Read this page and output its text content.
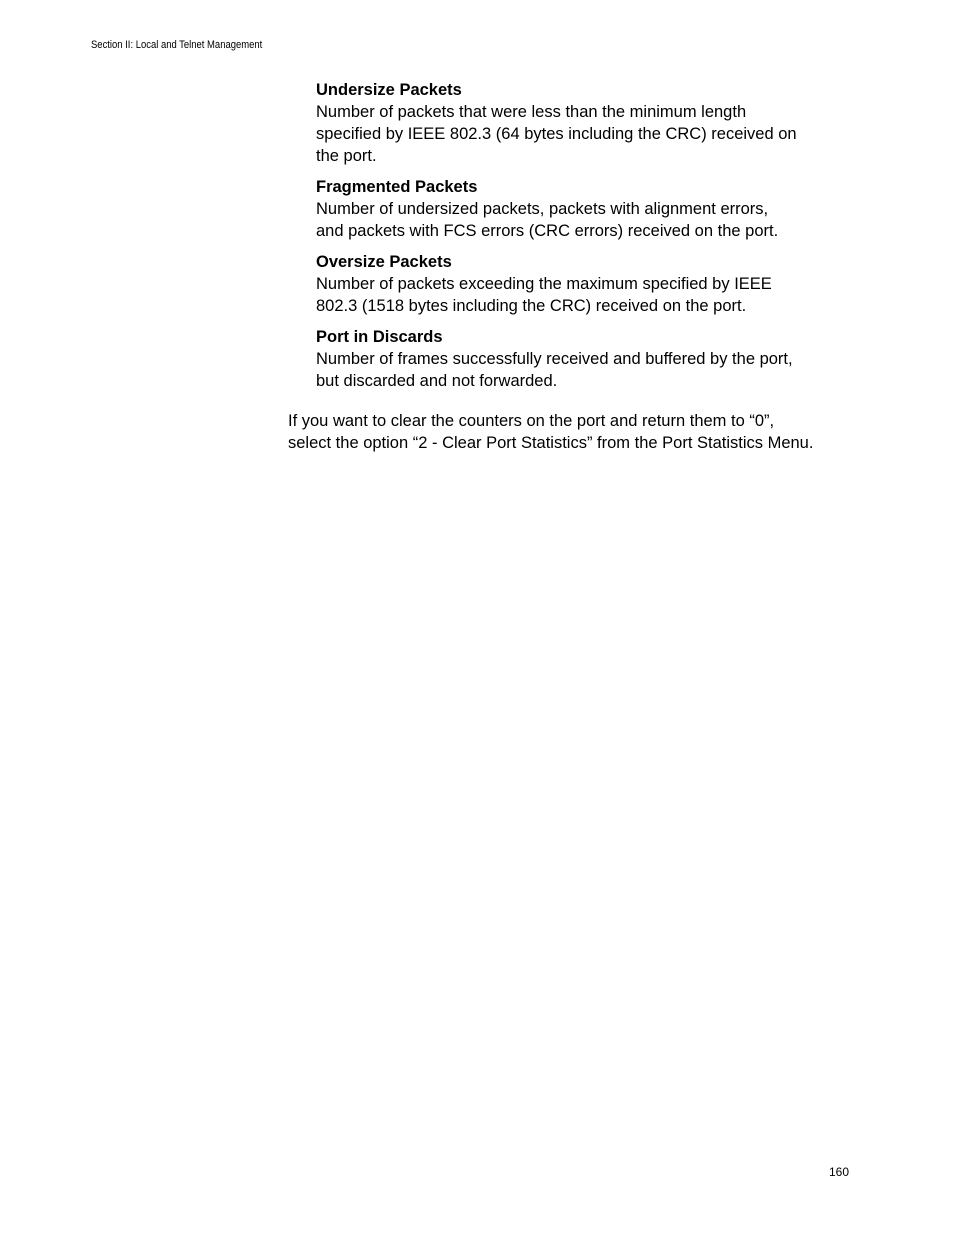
Section II: Local and Telnet Management
Undersize Packets
Number of packets that were less than the minimum length
specified by IEEE 802.3 (64 bytes including the CRC) received on
the port.
Fragmented Packets
Number of undersized packets, packets with alignment errors,
and packets with FCS errors (CRC errors) received on the port.
Oversize Packets
Number of packets exceeding the maximum specified by IEEE
802.3 (1518 bytes including the CRC) received on the port.
Port in Discards
Number of frames successfully received and buffered by the port,
but discarded and not forwarded.
If you want to clear the counters on the port and return them to “0”,
select the option “2 - Clear Port Statistics” from the Port Statistics Menu.
160
